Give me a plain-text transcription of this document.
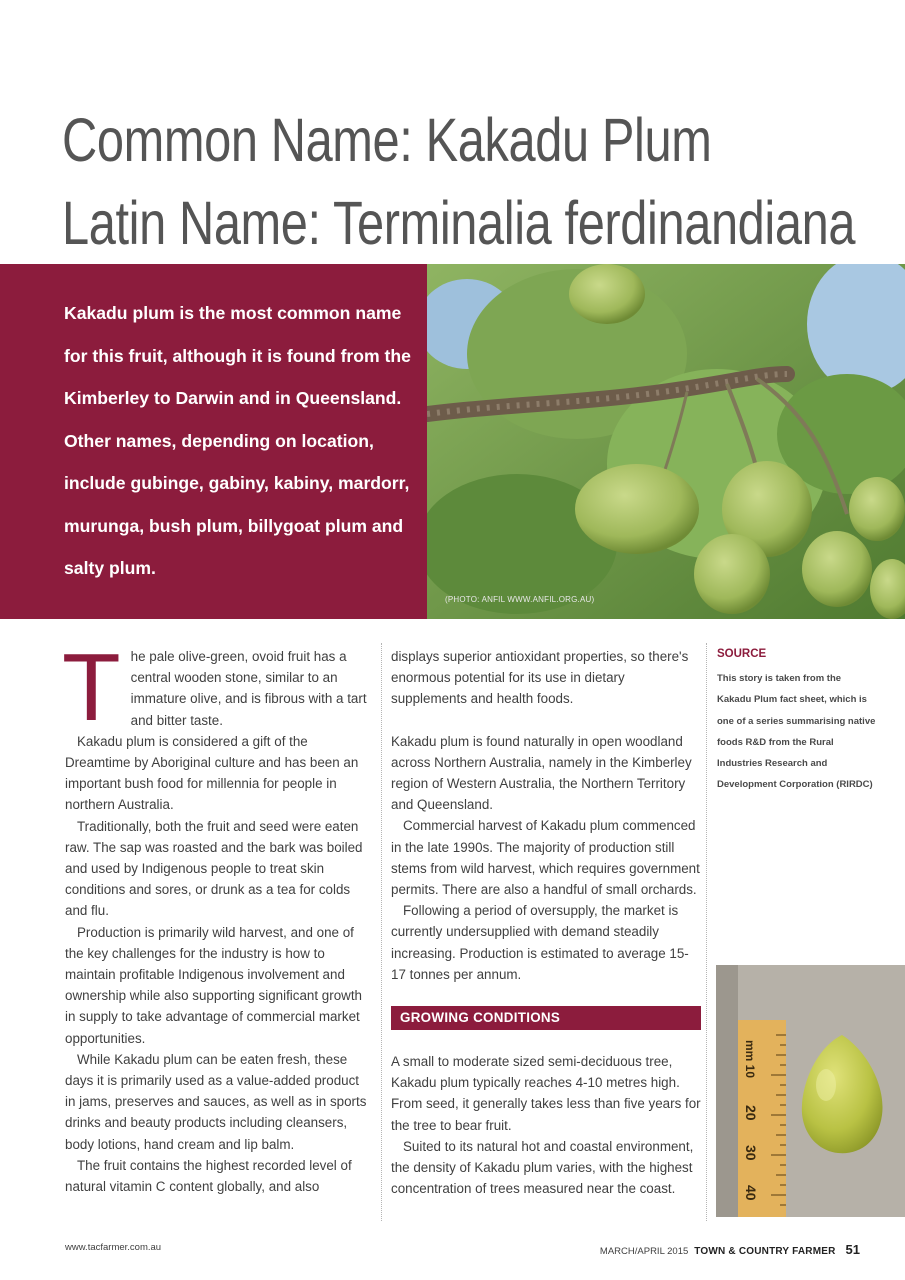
Common Name: Kakadu Plum
Latin Name: Terminalia ferdinandiana

Kakadu plum is the most common name for this fruit, although it is found from the Kimberley to Darwin and in Queensland. Other names, depending on location, include gubinge, gabiny, kabiny, mardorr, murunga, bush plum, billygoat plum and salty plum.

(PHOTO: ANFIL WWW.ANFIL.ORG.AU)

The pale olive-green, ovoid fruit has a central wooden stone, similar to an immature olive, and is fibrous with a tart and bitter taste.

Kakadu plum is considered a gift of the Dreamtime by Aboriginal culture and has been an important bush food for millennia for people in northern Australia.

Traditionally, both the fruit and seed were eaten raw. The sap was roasted and the bark was boiled and used by Indigenous people to treat skin conditions and sores, or drunk as a tea for colds and flu.

Production is primarily wild harvest, and one of the key challenges for the industry is how to maintain profitable Indigenous involvement and ownership while also supporting significant growth in supply to take advantage of commercial market opportunities.

While Kakadu plum can be eaten fresh, these days it is primarily used as a value-added product in jams, preserves and sauces, as well as in sports drinks and beauty products including cleansers, body lotions, hand cream and lip balm.

The fruit contains the highest recorded level of natural vitamin C content globally, and also

displays superior antioxidant properties, so there's enormous potential for its use in dietary supplements and health foods.

Kakadu plum is found naturally in open woodland across Northern Australia, namely in the Kimberley region of Western Australia, the Northern Territory and Queensland.

Commercial harvest of Kakadu plum commenced in the late 1990s. The majority of production still stems from wild harvest, which requires government permits. There are also a handful of small orchards.

Following a period of oversupply, the market is currently undersupplied with demand steadily increasing. Production is estimated to average 15-17 tonnes per annum.

GROWING CONDITIONS

A small to moderate sized semi-deciduous tree, Kakadu plum typically reaches 4-10 metres high. From seed, it generally takes less than five years for the tree to bear fruit.

Suited to its natural hot and coastal environment, the density of Kakadu plum varies, with the highest concentration of trees measured near the coast.

SOURCE
This story is taken from the Kakadu Plum fact sheet, which is one of a series summarising native foods R&D from the Rural Industries Research and Development Corporation (RIRDC)
mm 10
20
30
40
www.tacfarmer.com.au	MARCH/APRIL 2015 TOWN & COUNTRY FARMER 51
